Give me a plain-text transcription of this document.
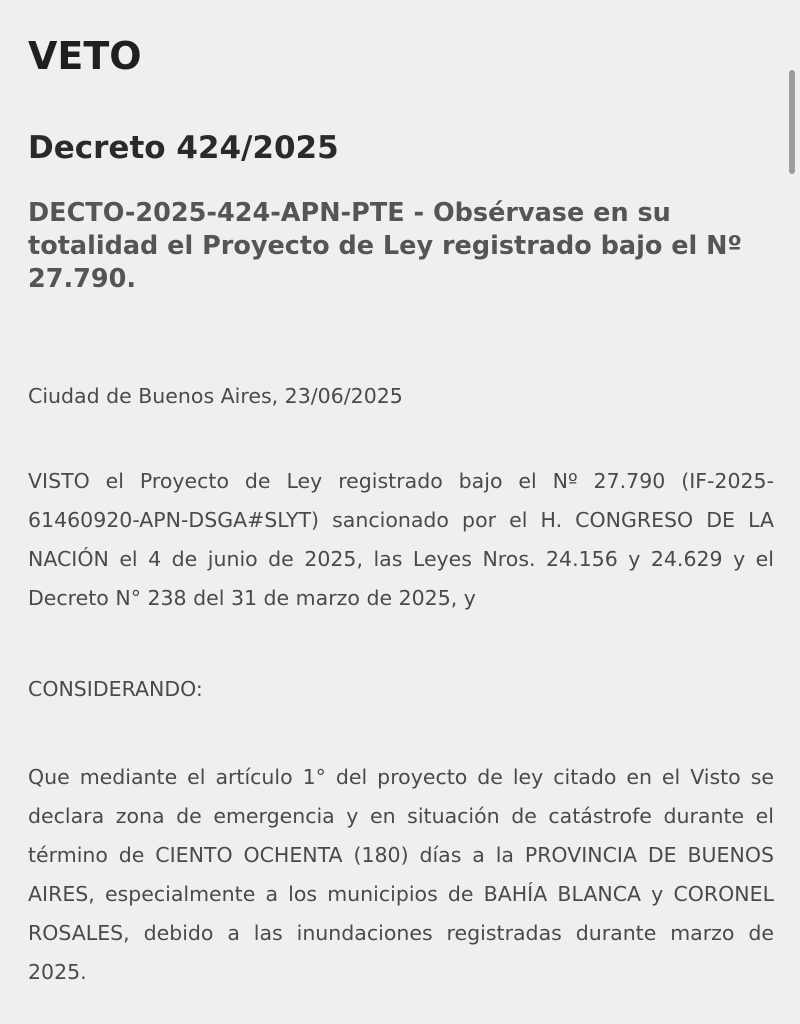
VETO
Decreto 424/2025

DECTO-2025-424-APN-PTE - Obsérvase en su totalidad el Proyecto de Ley registrado bajo el Nº 27.790.

Ciudad de Buenos Aires, 23/06/2025

VISTO el Proyecto de Ley registrado bajo el Nº 27.790 (IF-2025-61460920-APN-DSGA#SLYT) sancionado por el H. CONGRESO DE LA NACIÓN el 4 de junio de 2025, las Leyes Nros. 24.156 y 24.629 y el Decreto N° 238 del 31 de marzo de 2025, y

CONSIDERANDO:

Que mediante el artículo 1° del proyecto de ley citado en el Visto se declara zona de emergencia y en situación de catástrofe durante el término de CIENTO OCHENTA (180) días a la PROVINCIA DE BUENOS AIRES, especialmente a los municipios de BAHÍA BLANCA y CORONEL ROSALES, debido a las inundaciones registradas durante marzo de 2025.
